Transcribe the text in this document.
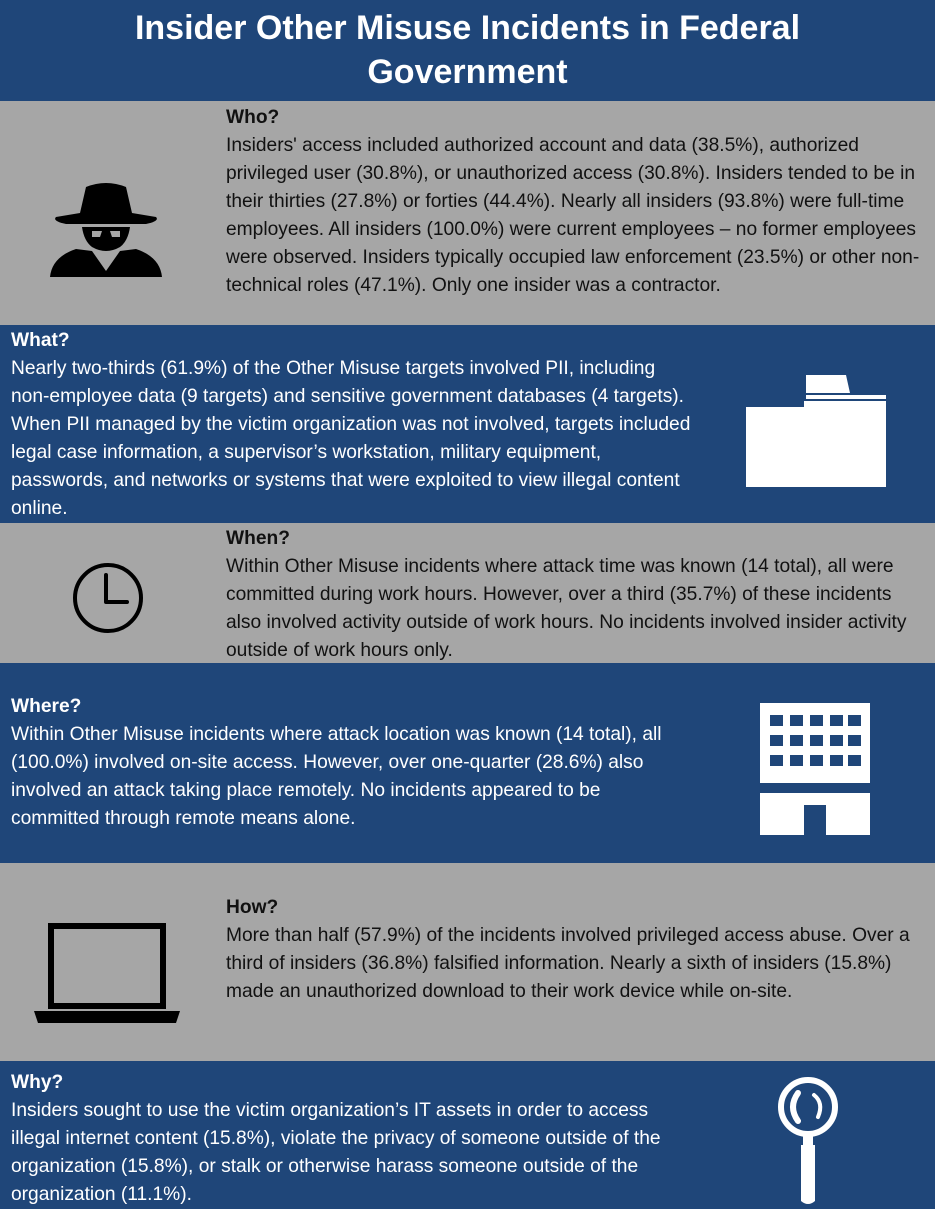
Insider Other Misuse Incidents in Federal
Government
Who?

Insiders' access included authorized account and data (38.5%), authorized privileged user (30.8%), or unauthorized access (30.8%). Insiders tended to be in their thirties (27.8%) or forties (44.4%). Nearly all insiders (93.8%) were full-time employees. All insiders (100.0%) were current employees – no former employees were observed. Insiders typically occupied law enforcement (23.5%) or other non-technical roles (47.1%). Only one insider was a contractor.

What?

Nearly two-thirds (61.9%) of the Other Misuse targets involved PII, including non-employee data (9 targets) and sensitive government databases (4 targets). When PII managed by the victim organization was not involved, targets included legal case information, a supervisor’s workstation, military equipment, passwords, and networks or systems that were exploited to view illegal content online.

When?

Within Other Misuse incidents where attack time was known (14 total), all were committed during work hours. However, over a third (35.7%) of these incidents also involved activity outside of work hours. No incidents involved insider activity outside of work hours only.

Where?

Within Other Misuse incidents where attack location was known (14 total), all (100.0%) involved on-site access. However, over one-quarter (28.6%) also involved an attack taking place remotely. No incidents appeared to be committed through remote means alone.

How?

More than half (57.9%) of the incidents involved privileged access abuse. Over a third of insiders (36.8%) falsified information. Nearly a sixth of insiders (15.8%) made an unauthorized download to their work device while on-site.

Why?

Insiders sought to use the victim organization’s IT assets in order to access illegal internet content (15.8%), violate the privacy of someone outside of the organization (15.8%), or stalk or otherwise harass someone outside of the organization (11.1%).
